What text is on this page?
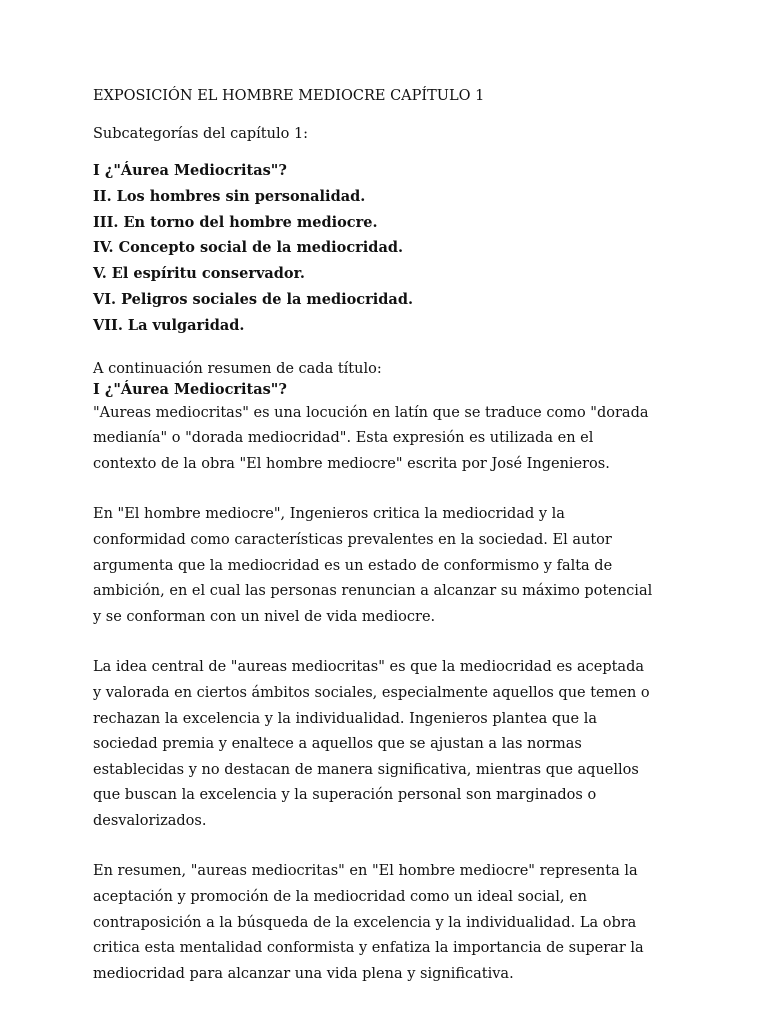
EXPOSICIÓN EL HOMBRE MEDIOCRE CAPÍTULO 1
Subcategorías del capítulo 1:
I ¿"Áurea Mediocritas"?
II. Los hombres sin personalidad.
III. En torno del hombre mediocre.
IV. Concepto social de la mediocridad.
V. El espíritu conservador.
VI. Peligros sociales de la mediocridad.
VII. La vulgaridad.
A continuación resumen de cada título:
I ¿"Áurea Mediocritas"?

"Aureas mediocritas" es una locución en latín que se traduce como "dorada medianía" o "dorada mediocridad". Esta expresión es utilizada en el contexto de la obra "El hombre mediocre" escrita por José Ingenieros.

En "El hombre mediocre", Ingenieros critica la mediocridad y la conformidad como características prevalentes en la sociedad. El autor argumenta que la mediocridad es un estado de conformismo y falta de ambición, en el cual las personas renuncian a alcanzar su máximo potencial y se conforman con un nivel de vida mediocre.

La idea central de "aureas mediocritas" es que la mediocridad es aceptada y valorada en ciertos ámbitos sociales, especialmente aquellos que temen o rechazan la excelencia y la individualidad. Ingenieros plantea que la sociedad premia y enaltece a aquellos que se ajustan a las normas establecidas y no destacan de manera significativa, mientras que aquellos que buscan la excelencia y la superación personal son marginados o desvalorizados.

En resumen, "aureas mediocritas" en "El hombre mediocre" representa la aceptación y promoción de la mediocridad como un ideal social, en contraposición a la búsqueda de la excelencia y la individualidad. La obra critica esta mentalidad conformista y enfatiza la importancia de superar la mediocridad para alcanzar una vida plena y significativa.
